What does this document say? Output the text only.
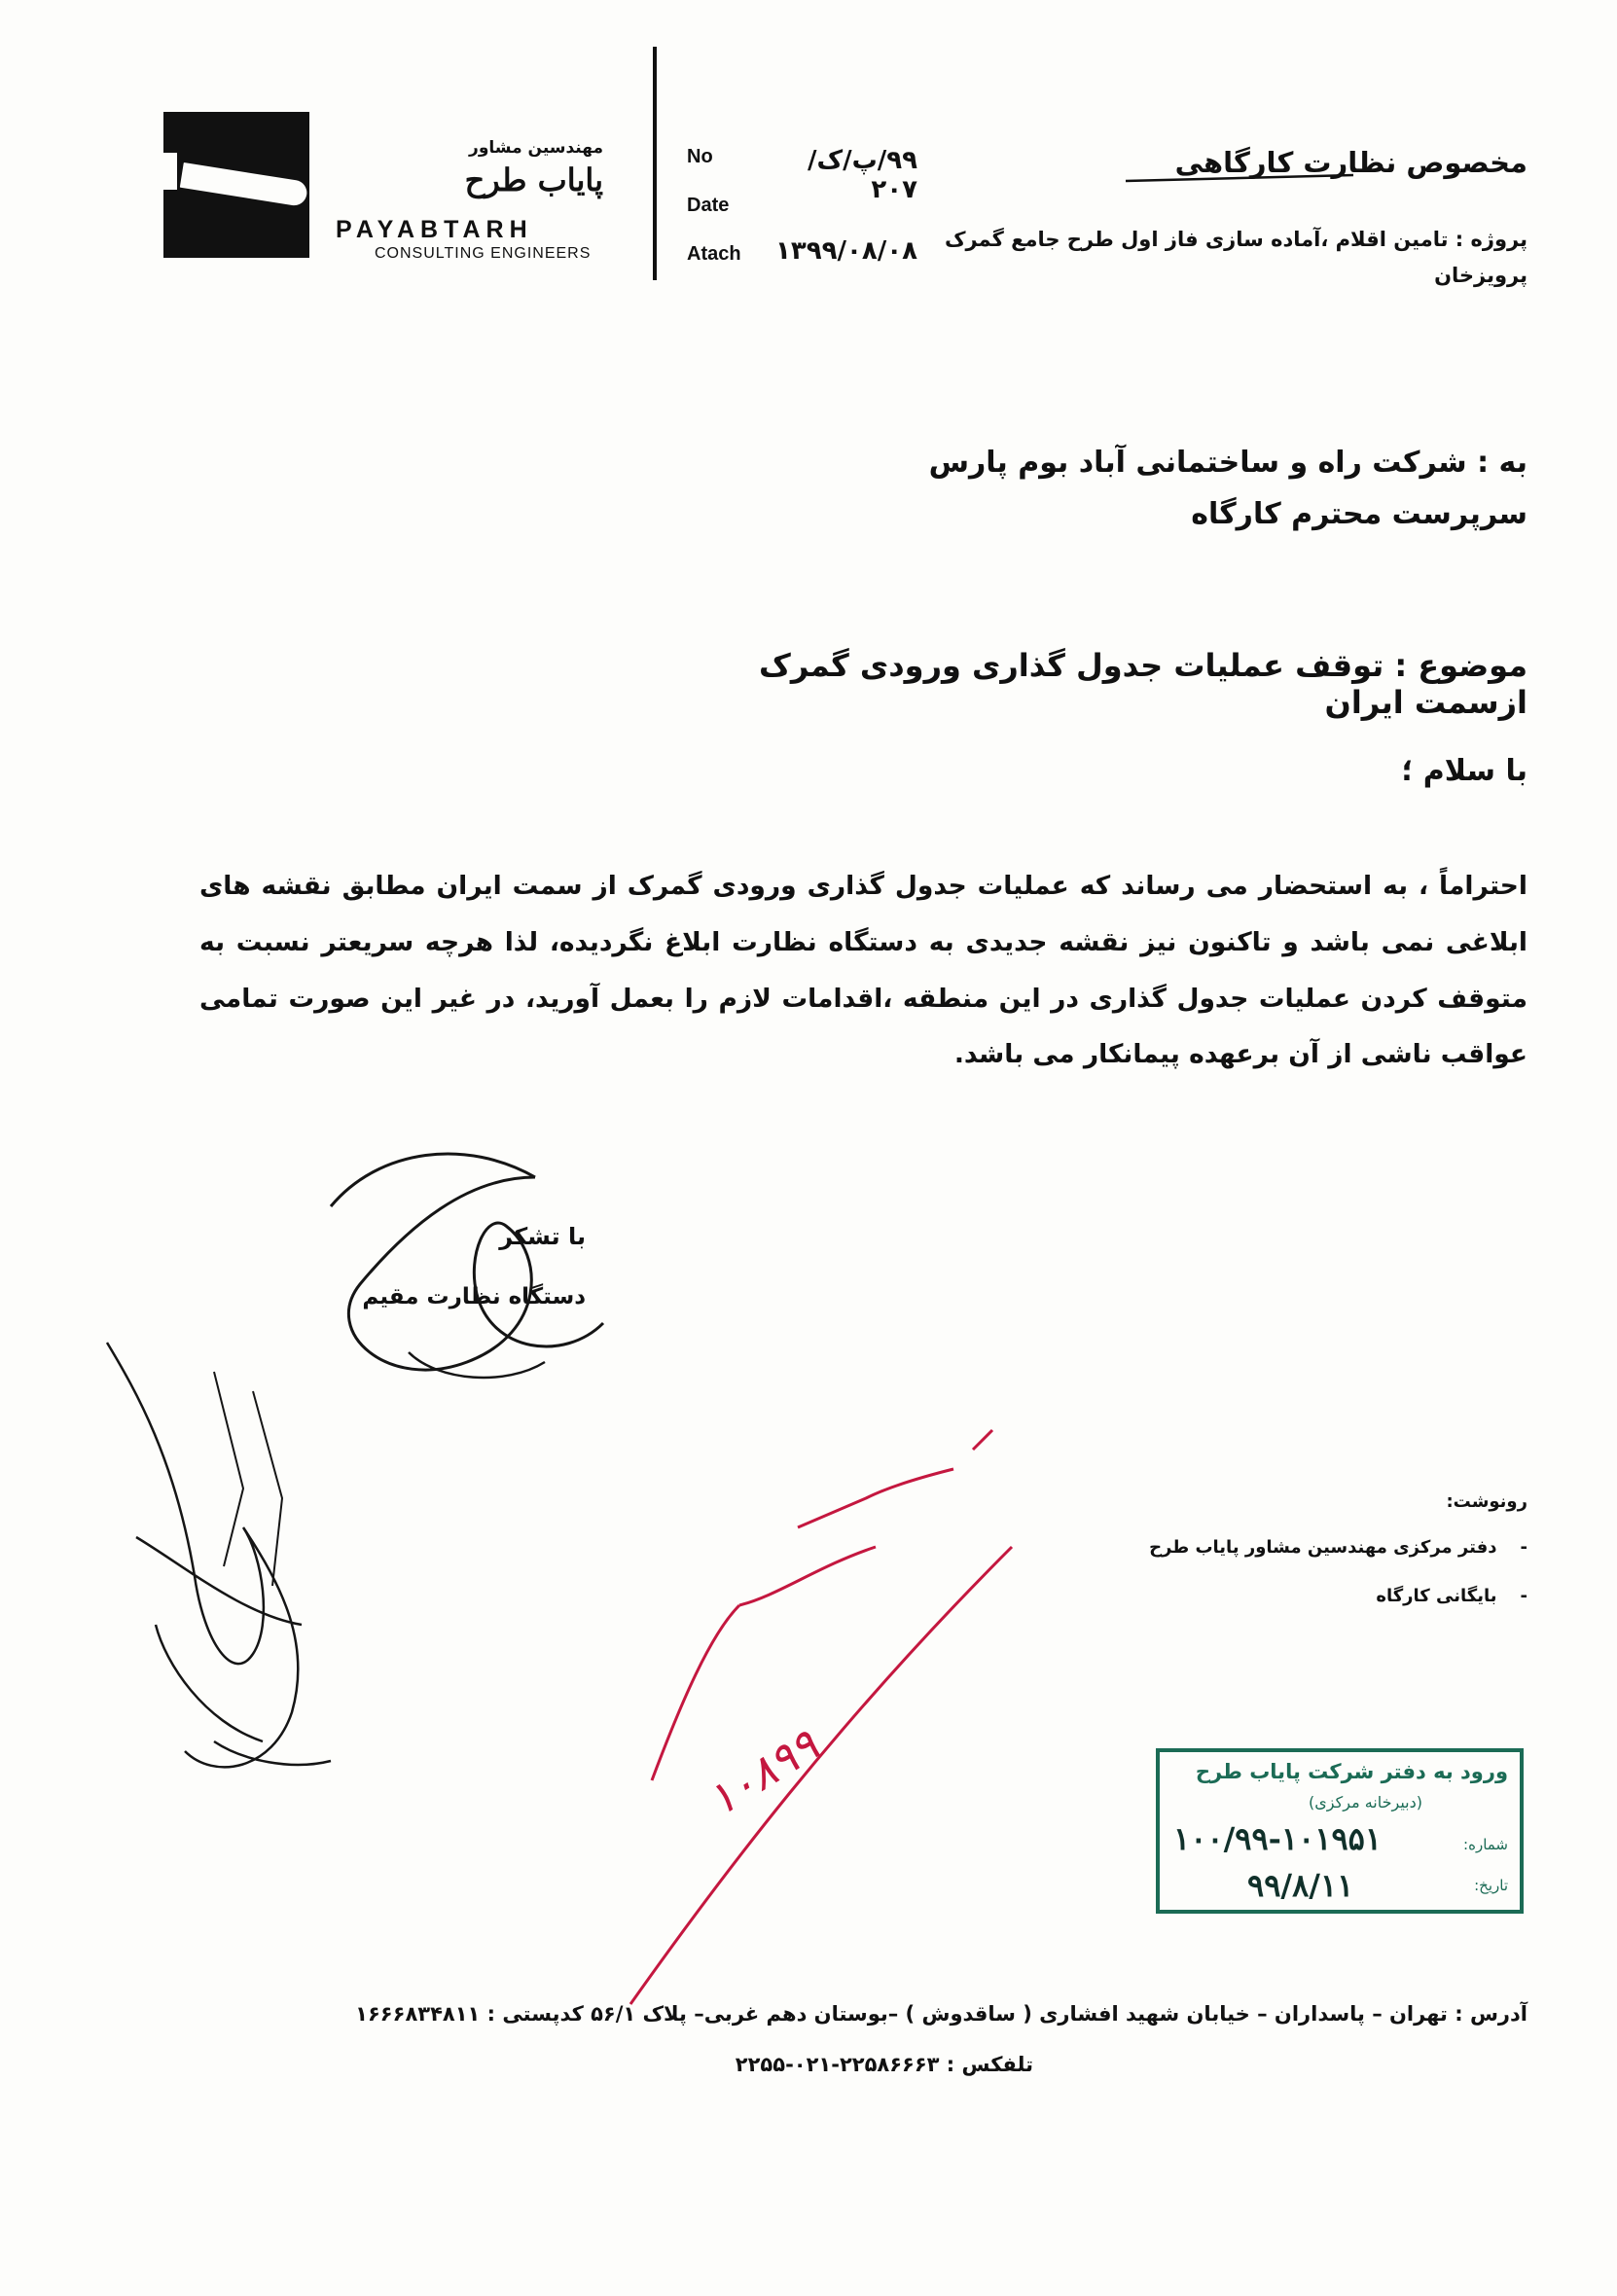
مهندسین مشاور
پایاب طرح
PAYABTARH
CONSULTING ENGINEERS
No
Date
Atach
۹۹/پ/ک/۲۰۷
۱۳۹۹/۰۸/۰۸
مخصوص نظارت کارگاهی
پروژه : تامین اقلام ،آماده سازی فاز اول طرح جامع گمرک پرویزخان
به : شرکت راه و ساختمانی آباد بوم پارس
سرپرست محترم کارگاه
موضوع : توقف عملیات جدول گذاری ورودی گمرک ازسمت ایران
با سلام ؛
احتراماً ، به استحضار می رساند که عملیات جدول گذاری ورودی گمرک از سمت ایران مطابق نقشه های ابلاغی نمی باشد و تاکنون نیز نقشه جدیدی به دستگاه نظارت ابلاغ نگردیده، لذا هرچه سریعتر نسبت به متوقف کردن عملیات جدول گذاری در این منطقه ،اقدامات لازم را بعمل آورید، در غیر این صورت تمامی عواقب ناشی از آن برعهده پیمانکار می باشد.
با تشکر
دستگاه نظارت مقیم
رونوشت:
-
دفتر مرکزی مهندسین مشاور پایاب طرح
-
بایگانی کارگاه
۱۰۸۹۹	ورود به دفتر شرکت پایاب طرح
(دبیرخانه مرکزی)
شماره:
تاریخ:
۱۰۰/۹۹-۱۰۱۹۵۱
۹۹/۸/۱۱
آدرس : تهران – پاسداران – خیابان شهید افشاری ( ساقدوش ) –بوستان دهم غربی– پلاک ۵۶/۱ کدپستی : ۱۶۶۶۸۳۴۸۱۱
تلفکس : ۲۲۵۸۶۶۶۳-۰۲۱-۲۲۵۵
